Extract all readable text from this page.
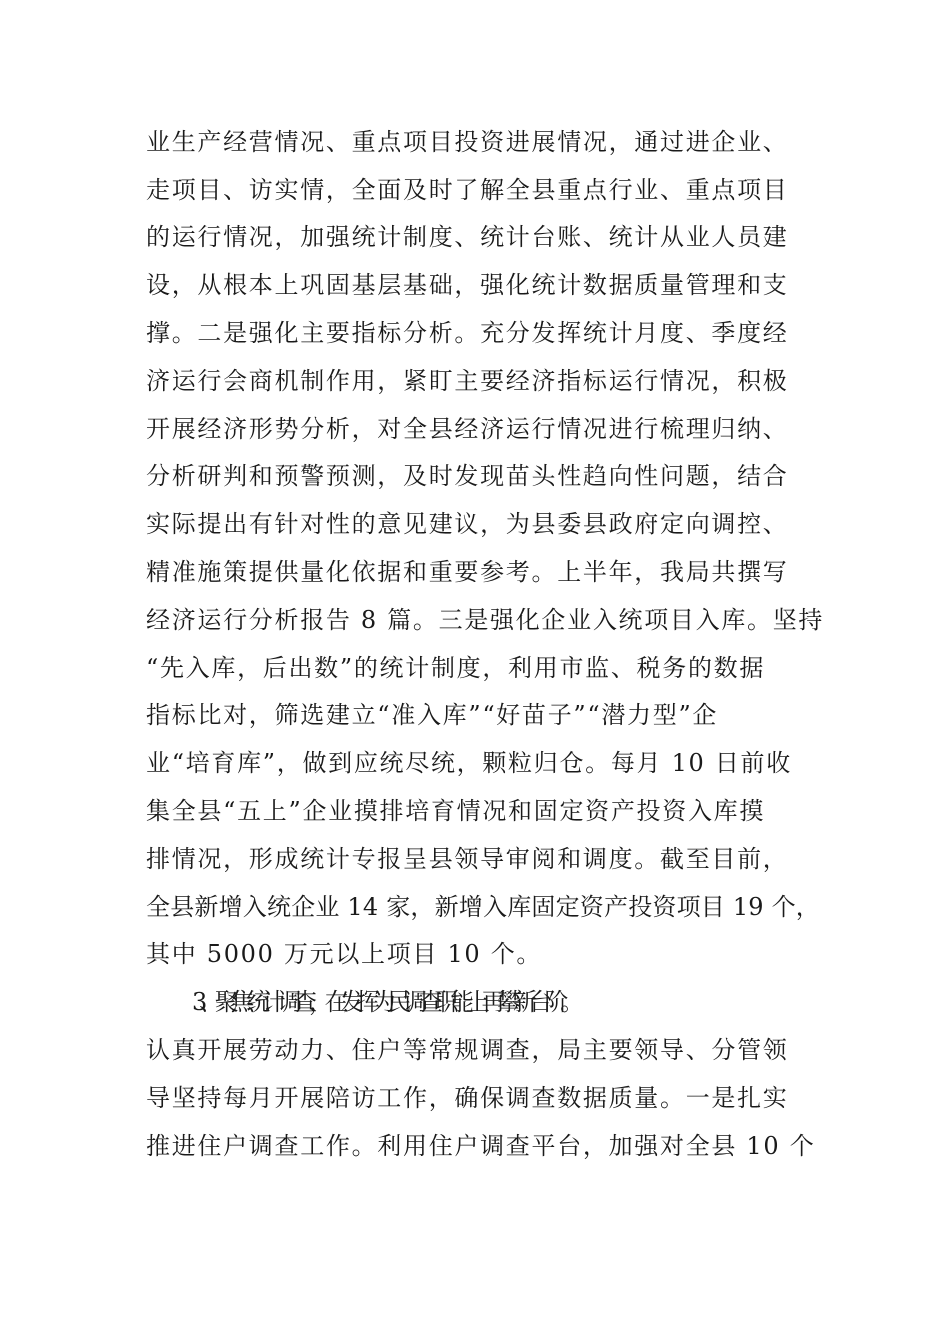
业生产经营情况、重点项目投资进展情况，通过进企业、
走项目、访实情，全面及时了解全县重点行业、重点项目
的运行情况，加强统计制度、统计台账、统计从业人员建
设，从根本上巩固基层基础，强化统计数据质量管理和支
撑。二是强化主要指标分析。充分发挥统计月度、季度经
济运行会商机制作用，紧盯主要经济指标运行情况，积极
开展经济形势分析，对全县经济运行情况进行梳理归纳、
分析研判和预警预测，及时发现苗头性趋向性问题，结合
实际提出有针对性的意见建议，为县委县政府定向调控、
精准施策提供量化依据和重要参考。上半年，我局共撰写
经济运行分析报告 8 篇。三是强化企业入统项目入库。坚持
“先入库，后出数”的统计制度，利用市监、税务的数据
指标比对，筛选建立“准入库”“好苗子”“潜力型”企
业“培育库”，做到应统尽统，颗粒归仓。每月 10 日前收
集全县“五上”企业摸排培育情况和固定资产投资入库摸
排情况，形成统计专报呈县领导审阅和调度。截至目前，
全县新增入统企业 14 家，新增入库固定资产投资项目 19 个，
其中 5000 万元以上项目 10 个。
3、聚焦统计调查，在发挥为民调查职能上再攀新台阶。
认真开展劳动力、住户等常规调查，局主要领导、分管领
导坚持每月开展陪访工作，确保调查数据质量。一是扎实
推进住户调查工作。利用住户调查平台，加强对全县 10 个
